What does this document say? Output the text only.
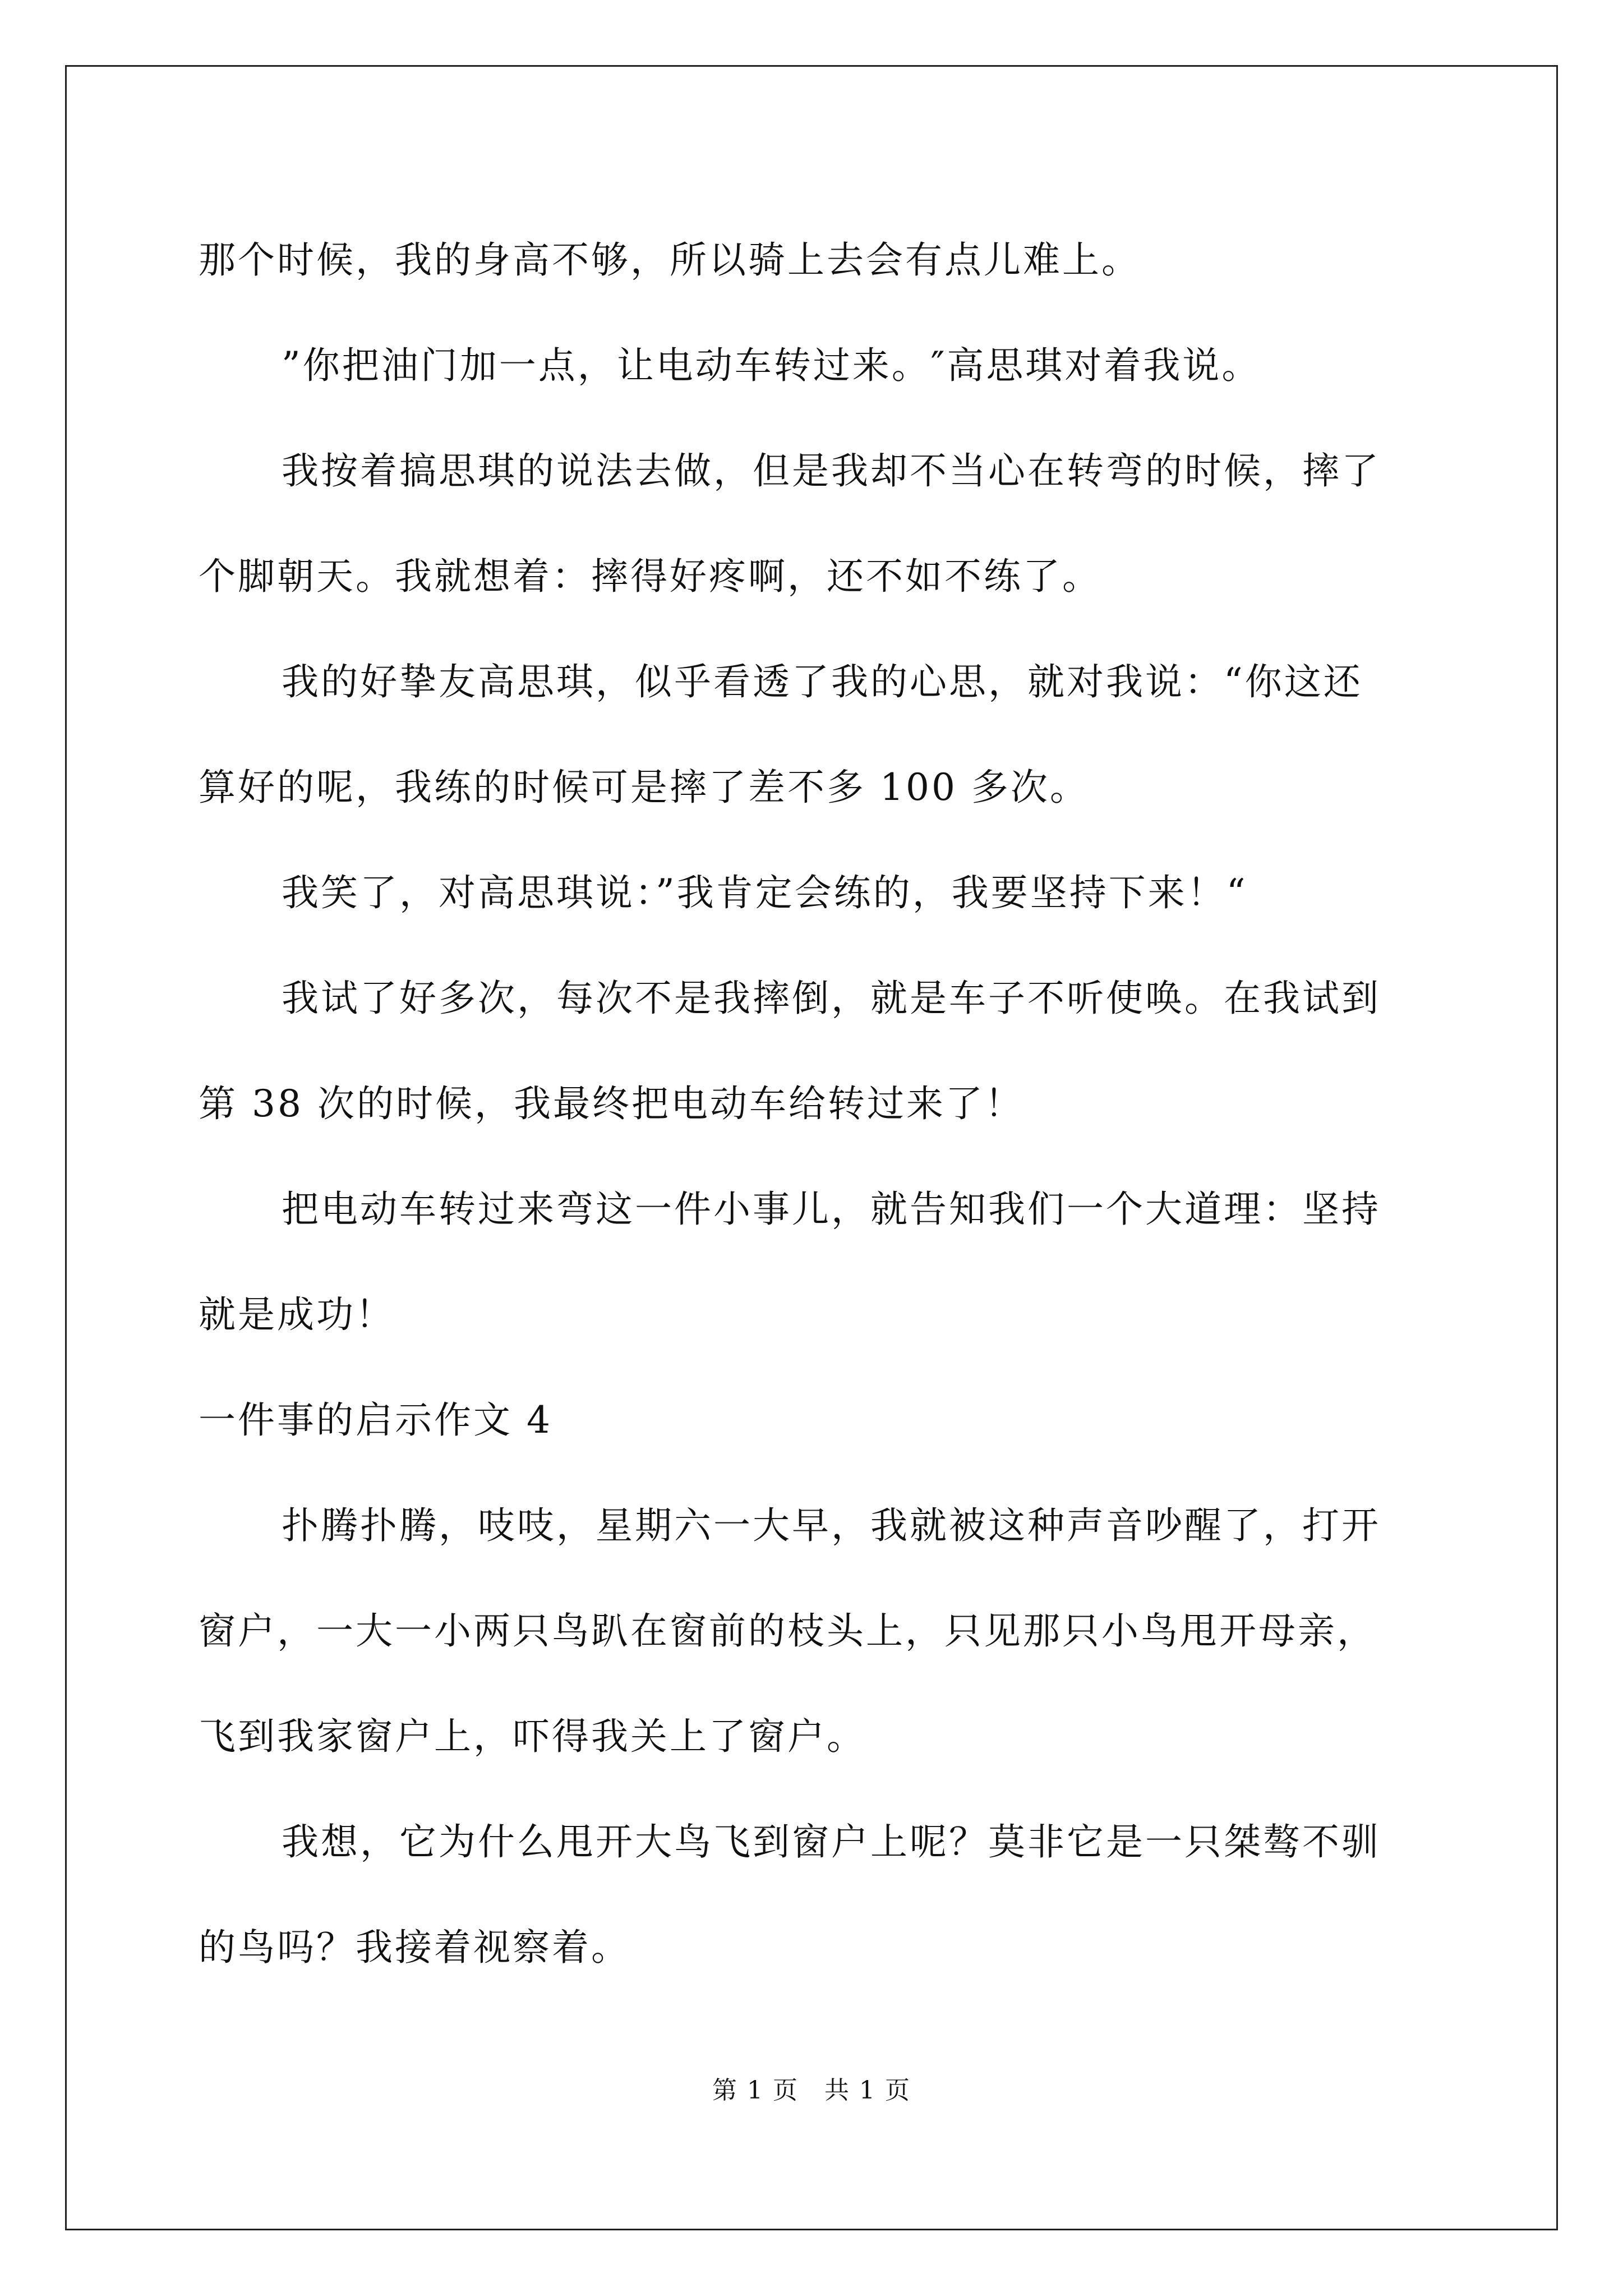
那个时候，我的身高不够，所以骑上去会有点儿难上。

”你把油门加一点，让电动车转过来。″高思琪对着我说。

我按着搞思琪的说法去做，但是我却不当心在转弯的时候，摔了

个脚朝天。我就想着：摔得好疼啊，还不如不练了。

我的好挚友高思琪，似乎看透了我的心思，就对我说：“你这还

算好的呢，我练的时候可是摔了差不多 100 多次。

我笑了，对高思琪说：”我肯定会练的，我要坚持下来！“

我试了好多次，每次不是我摔倒，就是车子不听使唤。在我试到

第 38 次的时候，我最终把电动车给转过来了！

把电动车转过来弯这一件小事儿，就告知我们一个大道理：坚持

就是成功！

一件事的启示作文 4

扑腾扑腾，吱吱，星期六一大早，我就被这种声音吵醒了，打开

窗户，一大一小两只鸟趴在窗前的枝头上，只见那只小鸟甩开母亲，

飞到我家窗户上，吓得我关上了窗户。

我想，它为什么甩开大鸟飞到窗户上呢？莫非它是一只桀骜不驯

的鸟吗？我接着视察着。

第 1 页　共 1 页
